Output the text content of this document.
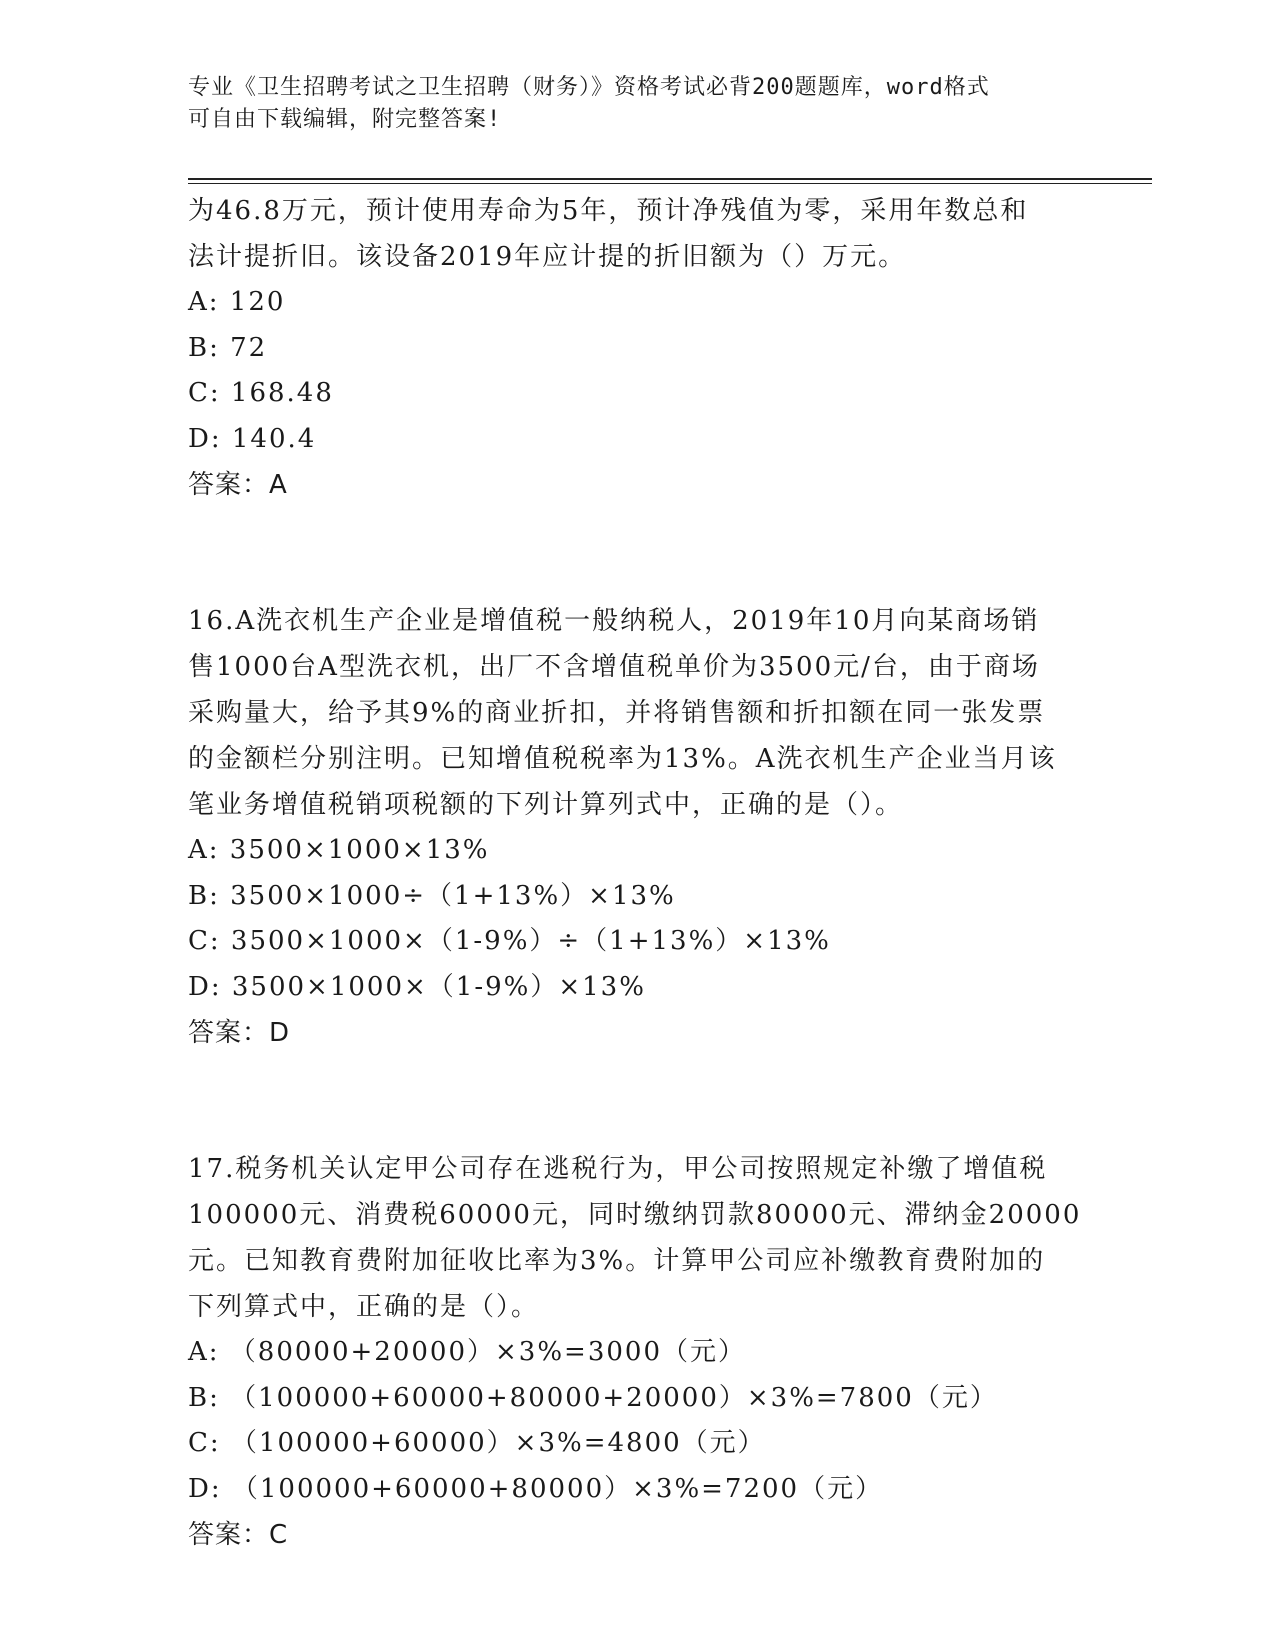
专业《卫生招聘考试之卫生招聘（财务）》资格考试必背200题题库，word格式
可自由下载编辑，附完整答案!
为46.8万元，预计使用寿命为5年，预计净残值为零，采用年数总和
法计提折旧。该设备2019年应计提的折旧额为（）万元。
A: 120
B: 72
C: 168.48
D: 140.4
答案：A
16.A洗衣机生产企业是增值税一般纳税人，2019年10月向某商场销
售1000台A型洗衣机，出厂不含增值税单价为3500元/台，由于商场
采购量大，给予其9%的商业折扣，并将销售额和折扣额在同一张发票
的金额栏分别注明。已知增值税税率为13%。A洗衣机生产企业当月该
笔业务增值税销项税额的下列计算列式中，正确的是（）。
A: 3500×1000×13%
B: 3500×1000÷（1+13%）×13%
C: 3500×1000×（1-9%）÷（1+13%）×13%
D: 3500×1000×（1-9%）×13%
答案：D
17.税务机关认定甲公司存在逃税行为，甲公司按照规定补缴了增值税
100000元、消费税60000元，同时缴纳罚款80000元、滞纳金20000
元。已知教育费附加征收比率为3%。计算甲公司应补缴教育费附加的
下列算式中，正确的是（）。
A: （80000+20000）×3%=3000（元）
B: （100000+60000+80000+20000）×3%=7800（元）
C: （100000+60000）×3%=4800（元）
D: （100000+60000+80000）×3%=7200（元）
答案：C
